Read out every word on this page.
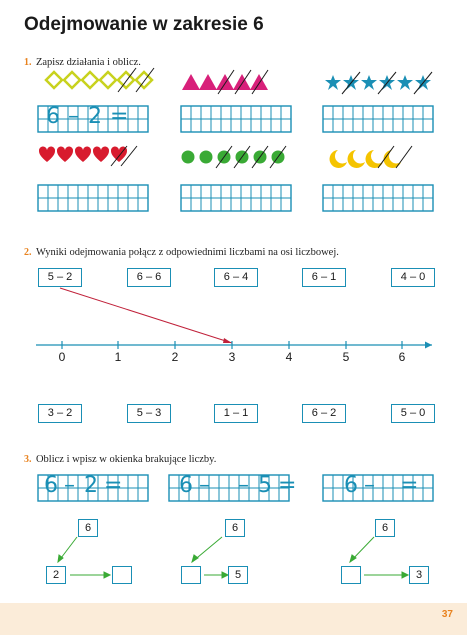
Odejmowanie w zakresie 6
1. Zapisz działania i oblicz.
6 – 2 =
2. Wyniki odejmowania połącz z odpowiednimi liczbami na osi liczbowej.
5 – 2	6 – 6	6 – 4	6 – 1	4 – 0
0	1	2	3	4	5	6
3 – 2	5 – 3	1 – 1	6 – 2	5 – 0
3. Oblicz i wpisz w okienka brakujące liczby.
6 – 2 =	6 – – 5 = 6 – =
6
2
6
5
6
3
37
